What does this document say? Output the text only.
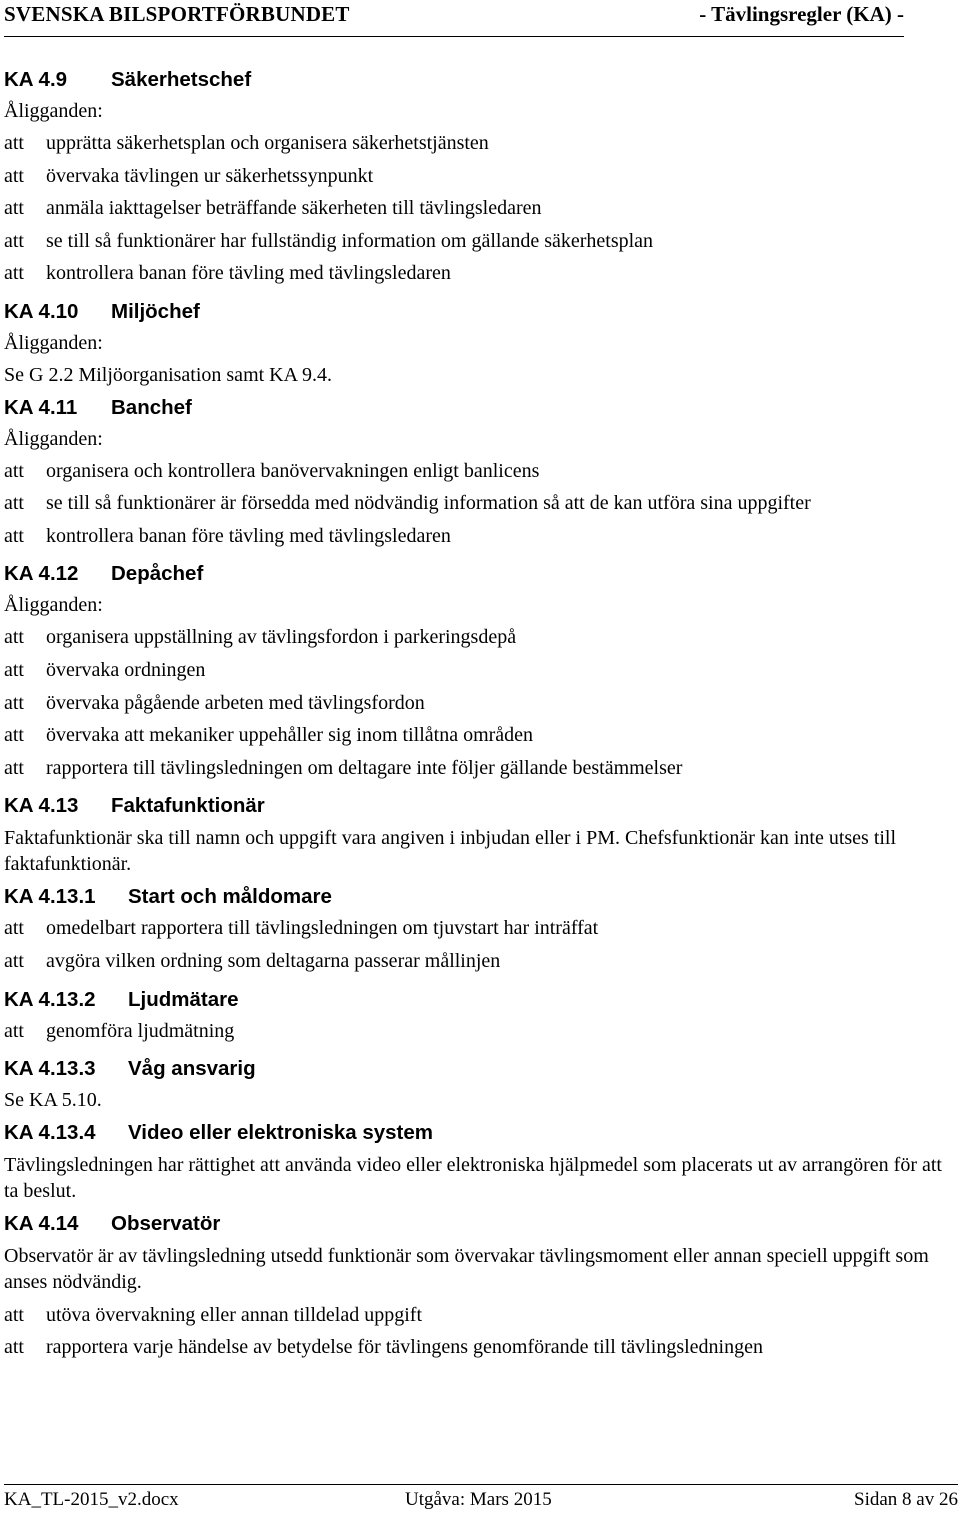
SVENSKA BILSPORTFÖRBUNDET	- Tävlingsregler (KA) -
KA 4.9 Säkerhetschef
Åligganden:
att upprätta säkerhetsplan och organisera säkerhetstjänsten
att övervaka tävlingen ur säkerhetssynpunkt
att anmäla iakttagelser beträffande säkerheten till tävlingsledaren
att se till så funktionärer har fullständig information om gällande säkerhetsplan
att kontrollera banan före tävling med tävlingsledaren
KA 4.10 Miljöchef
Åligganden:
Se G 2.2 Miljöorganisation samt KA 9.4.
KA 4.11 Banchef
Åligganden:
att organisera och kontrollera banövervakningen enligt banlicens
att se till så funktionärer är försedda med nödvändig information så att de kan utföra sina uppgifter
att kontrollera banan före tävling med tävlingsledaren
KA 4.12 Depåchef
Åligganden:
att organisera uppställning av tävlingsfordon i parkeringsdepå
att övervaka ordningen
att övervaka pågående arbeten med tävlingsfordon
att övervaka att mekaniker uppehåller sig inom tillåtna områden
att rapportera till tävlingsledningen om deltagare inte följer gällande bestämmelser
KA 4.13 Faktafunktionär
Faktafunktionär ska till namn och uppgift vara angiven i inbjudan eller i PM. Chefsfunktionär kan inte utses till faktafunktionär.
KA 4.13.1 Start och måldomare
att omedelbart rapportera till tävlingsledningen om tjuvstart har inträffat
att avgöra vilken ordning som deltagarna passerar mållinjen
KA 4.13.2 Ljudmätare
att genomföra ljudmätning
KA 4.13.3 Våg ansvarig
Se KA 5.10.
KA 4.13.4 Video eller elektroniska system
Tävlingsledningen har rättighet att använda video eller elektroniska hjälpmedel som placerats ut av arrangören för att ta beslut.
KA 4.14 Observatör
Observatör är av tävlingsledning utsedd funktionär som övervakar tävlingsmoment eller annan speciell uppgift som anses nödvändig.
att utöva övervakning eller annan tilldelad uppgift
att rapportera varje händelse av betydelse för tävlingens genomförande till tävlingsledningen
KA_TL-2015_v2.docx	Utgåva: Mars 2015	Sidan 8 av 26
